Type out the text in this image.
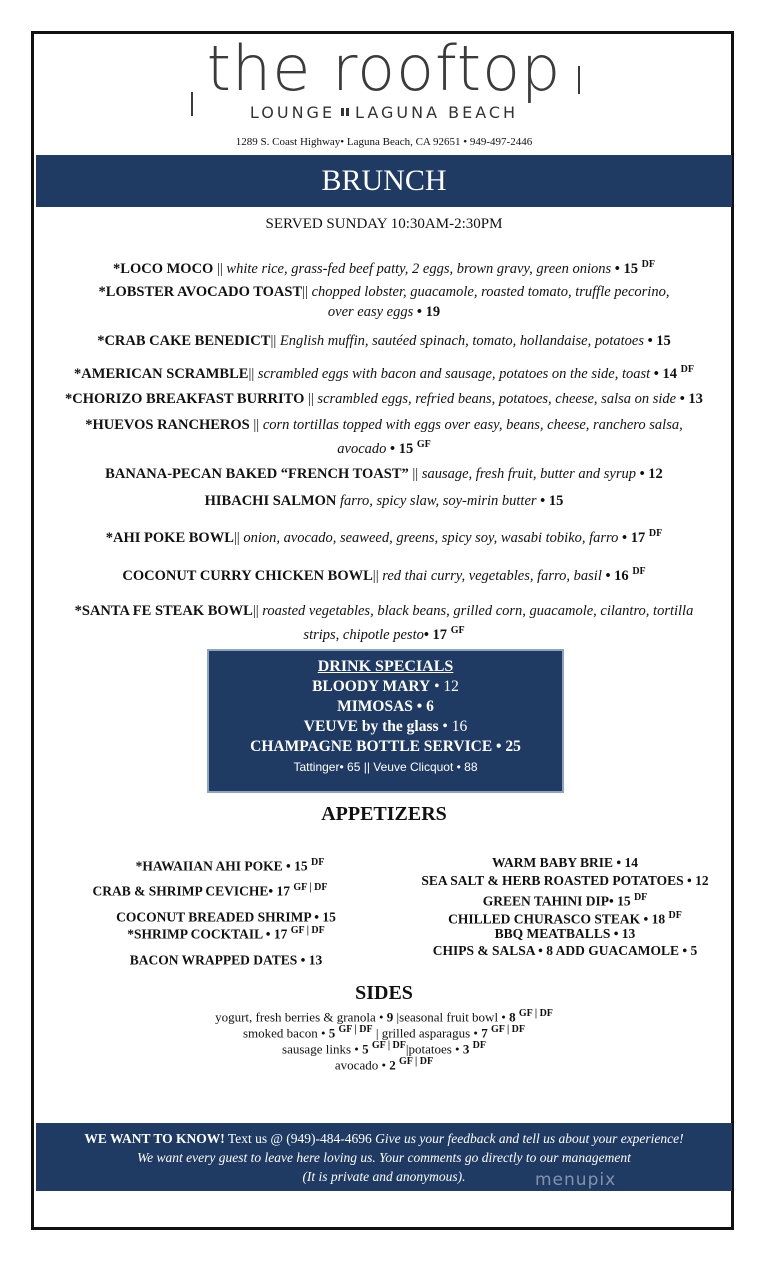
the rooftop
LOUNGE LAGUNA BEACH
1289 S. Coast Highway• Laguna Beach, CA 92651 • 949-497-2446
BRUNCH
SERVED SUNDAY 10:30AM-2:30PM
*LOCO MOCO || white rice, grass-fed beef patty, 2 eggs, brown gravy, green onions • 15 $^{DF}$
*LOBSTER AVOCADO TOAST|| chopped lobster, guacamole, roasted tomato, truffle pecorino,
over easy eggs • 19
*CRAB CAKE BENEDICT|| English muffin, sautéed spinach, tomato, hollandaise, potatoes • 15
*AMERICAN SCRAMBLE|| scrambled eggs with bacon and sausage, potatoes on the side, toast • 14 $^{DF}$
*CHORIZO BREAKFAST BURRITO || scrambled eggs, refried beans, potatoes, cheese, salsa on side • 13
*HUEVOS RANCHEROS || corn tortillas topped with eggs over easy, beans, cheese, ranchero salsa,
avocado • 15 $^{GF}$
BANANA-PECAN BAKED “FRENCH TOAST” || sausage, fresh fruit, butter and syrup • 12
HIBACHI SALMON farro, spicy slaw, soy-mirin butter • 15
*AHI POKE BOWL|| onion, avocado, seaweed, greens, spicy soy, wasabi tobiko, farro • 17 $^{DF}$
COCONUT CURRY CHICKEN BOWL|| red thai curry, vegetables, farro, basil • 16 $^{DF}$
*SANTA FE STEAK BOWL|| roasted vegetables, black beans, grilled corn, guacamole, cilantro, tortilla
strips, chipotle pesto• 17 $^{GF}$
DRINK SPECIALS
BLOODY MARY • 12
MIMOSAS • 6
VEUVE by the glass • 16
CHAMPAGNE BOTTLE SERVICE • 25
Tattinger• 65 || Veuve Clicquot • 88
APPETIZERS
*HAWAIIAN AHI POKE • 15 $^{DF}$
CRAB & SHRIMP CEVICHE• 17 $^{GF | DF}$
COCONUT BREADED SHRIMP • 15
*SHRIMP COCKTAIL • 17 $^{GF | DF}$
BACON WRAPPED DATES • 13
WARM BABY BRIE • 14
SEA SALT & HERB ROASTED POTATOES • 12
GREEN TAHINI DIP• 15 $^{DF}$
CHILLED CHURASCO STEAK • 18 $^{DF}$
BBQ MEATBALLS • 13
CHIPS & SALSA • 8 ADD GUACAMOLE • 5
SIDES
yogurt, fresh berries & granola • 9 |seasonal fruit bowl • 8 $^{GF | DF}$
smoked bacon • 5 $^{GF | DF}$ | grilled asparagus • 7 $^{GF | DF}$
sausage links • 5 $^{GF | DF}$|potatoes • 3 $^{DF}$
avocado • 2 $^{GF | DF}$
WE WANT TO KNOW! Text us @ (949)-484-4696 Give us your feedback and tell us about your experience!
We want every guest to leave here loving us. Your comments go directly to our management
(It is private and anonymous).	menupix
